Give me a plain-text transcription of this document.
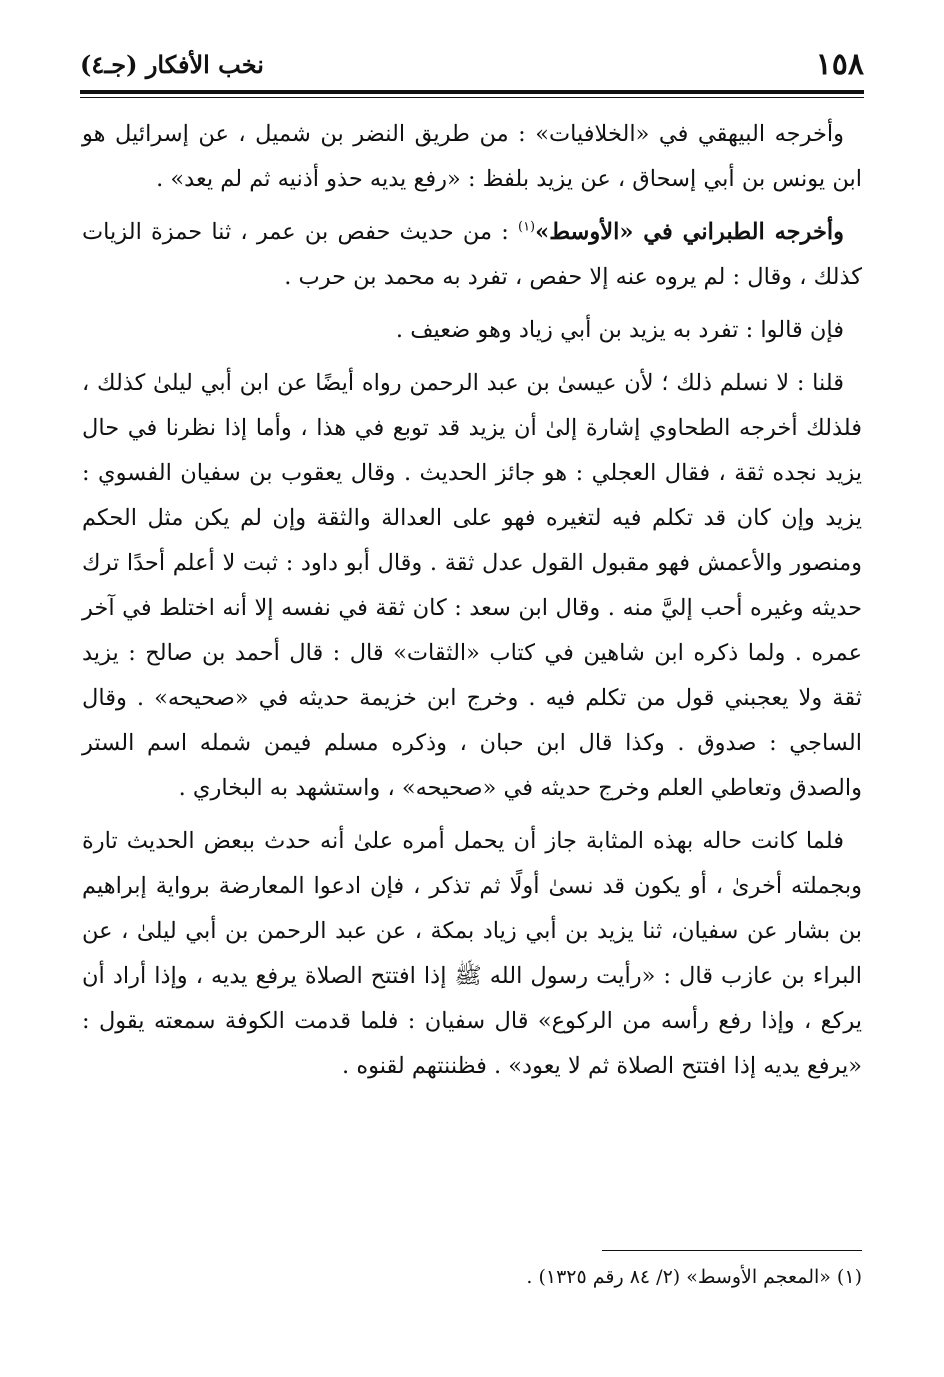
١٥٨
نخب الأفكار (جـ٤)

وأخرجه البيهقي في «الخلافيات» : من طريق النضر بن شميل ، عن إسرائيل هو ابن يونس بن أبي إسحاق ، عن يزيد بلفظ : «رفع يديه حذو أذنيه ثم لم يعد» .

وأخرجه الطبراني في «الأوسط»$^{(١)}$ : من حديث حفص بن عمر ، ثنا حمزة الزيات كذلك ، وقال : لم يروه عنه إلا حفص ، تفرد به محمد بن حرب .

فإن قالوا : تفرد به يزيد بن أبي زياد وهو ضعيف .

قلنا : لا نسلم ذلك ؛ لأن عيسىٰ بن عبد الرحمن رواه أيضًا عن ابن أبي ليلىٰ كذلك ، فلذلك أخرجه الطحاوي إشارة إلىٰ أن يزيد قد توبع في هذا ، وأما إذا نظرنا في حال يزيد نجده ثقة ، فقال العجلي : هو جائز الحديث . وقال يعقوب بن سفيان الفسوي : يزيد وإن كان قد تكلم فيه لتغيره فهو على العدالة والثقة وإن لم يكن مثل الحكم ومنصور والأعمش فهو مقبول القول عدل ثقة . وقال أبو داود : ثبت لا أعلم أحدًا ترك حديثه وغيره أحب إليَّ منه . وقال ابن سعد : كان ثقة في نفسه إلا أنه اختلط في آخر عمره . ولما ذكره ابن شاهين في كتاب «الثقات» قال : قال أحمد بن صالح : يزيد ثقة ولا يعجبني قول من تكلم فيه . وخرج ابن خزيمة حديثه في «صحيحه» . وقال الساجي : صدوق . وكذا قال ابن حبان ، وذكره مسلم فيمن شمله اسم الستر والصدق وتعاطي العلم وخرج حديثه في «صحيحه» ، واستشهد به البخاري .

فلما كانت حاله بهذه المثابة جاز أن يحمل أمره علىٰ أنه حدث ببعض الحديث تارة وبجملته أخرىٰ ، أو يكون قد نسىٰ أولًا ثم تذكر ، فإن ادعوا المعارضة برواية إبراهيم بن بشار عن سفيان، ثنا يزيد بن أبي زياد بمكة ، عن عبد الرحمن بن أبي ليلىٰ ، عن البراء بن عازب قال : «رأيت رسول الله ﷺ إذا افتتح الصلاة يرفع يديه ، وإذا أراد أن يركع ، وإذا رفع رأسه من الركوع» قال سفيان : فلما قدمت الكوفة سمعته يقول : «يرفع يديه إذا افتتح الصلاة ثم لا يعود» . فظننتهم لقنوه .

(١) «المعجم الأوسط» (٢/ ٨٤ رقم ١٣٢٥) .
